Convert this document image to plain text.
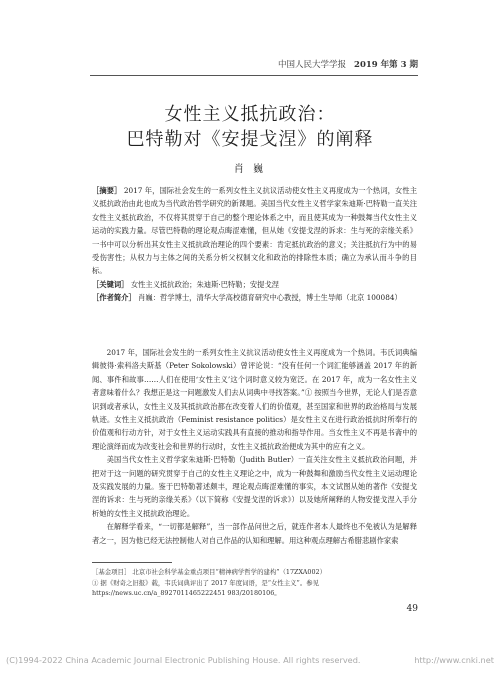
中国人民大学学报 2019 年第 3 期
女性主义抵抗政治：
巴特勒对《安提戈涅》的阐释
肖 巍

［摘要］ 2017 年，国际社会发生的一系列女性主义抗议活动使女性主义再度成为一个热词，女性主义抵抗政治由此也成为当代政治哲学研究的新课题。美国当代女性主义哲学家朱迪斯·巴特勒一直关注女性主义抵抗政治，不仅将其贯穿于自己的整个理论体系之中，而且使其成为一种鼓舞当代女性主义运动的实践力量。尽管巴特勒的理论观点晦涩难懂，但从她《安提戈涅的诉求：生与死的亲缘关系》一书中可以分析出其女性主义抵抗政治理论的四个要素：肯定抵抗政治的意义；关注抵抗行为中的易受伤害性；从权力与主体之间的关系分析父权制文化和政治的排除性本质；确立为承认而斗争的目标。

［关键词］ 女性主义抵抗政治；朱迪斯·巴特勒；安提戈涅

［作者简介］ 肖巍：哲学博士，清华大学高校德育研究中心教授，博士生导师（北京 100084）

2017 年，国际社会发生的一系列女性主义抗议活动使女性主义再度成为一个热词。韦氏词典编辑彼得·索科洛夫斯基（Peter Sokolowski）曾评论说：“没有任何一个词汇能够涵盖 2017 年的新闻、事件和故事……人们在使用‘女性主义’这个词时意义较为宽泛。在 2017 年，成为一名女性主义者意味着什么？我想正是这一问题激发人们去从词典中寻找答案。”① 按照当今世界，无论人们是否意识到或者承认，女性主义及其抵抗政治都在改变着人们的价值观，甚至国家和世界的政治格局与发展轨迹。女性主义抵抗政治（Feminist resistance politics）是女性主义在进行政治抵抗时所奉行的价值观和行动方针，对于女性主义运动实践具有直接的推动和指导作用。当女性主义不再是书斋中的理论演绎而成为改变社会和世界的行动时，女性主义抵抗政治便成为其中的应有之义。

美国当代女性主义哲学家朱迪斯·巴特勒（Judith Butler）一直关注女性主义抵抗政治问题，并把对于这一问题的研究贯穿于自己的女性主义理论之中，成为一种鼓舞和激励当代女性主义运动理论及实践发展的力量。鉴于巴特勒著述颇丰，理论观点晦涩难懂的事实，本文试图从她的著作《安提戈涅的诉求：生与死的亲缘关系》（以下简称《安提戈涅的诉求》）以及她所阐释的人物安提戈涅入手分析她的女性主义抵抗政治理论。

在解释学看来，“一切都是解释”，当一部作品问世之后，就连作者本人最终也不免被认为是解释者之一，因为他已经无法控制他人对自己作品的认知和理解。用这种观点理解古希腊悲剧作家索

［基金项目］ 北京市社会科学基金重点项目“精神病学哲学的建构”（17ZXA002）

① 据《财奇之旧报》载，韦氏词典评出了 2017 年度词语，是“女性主义”。参见 https://news.uc.cn/a_8927011465222451 983/20180106。

49
(C)1994-2022 China Academic Journal Electronic Publishing House. All rights reserved.	http://www.cnki.net
